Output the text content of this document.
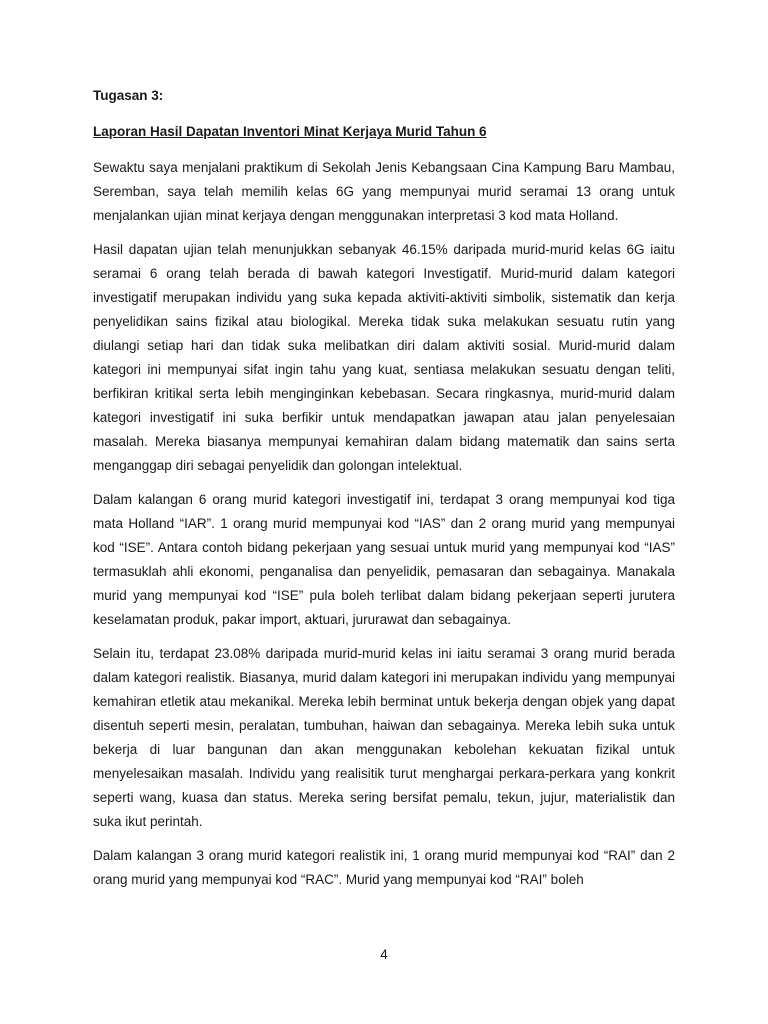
Tugasan 3:

Laporan Hasil Dapatan Inventori Minat Kerjaya Murid Tahun 6

Sewaktu saya menjalani praktikum di Sekolah Jenis Kebangsaan Cina Kampung Baru Mambau, Seremban, saya telah memilih kelas 6G yang mempunyai murid seramai 13 orang untuk menjalankan ujian minat kerjaya dengan menggunakan interpretasi 3 kod mata Holland.

Hasil dapatan ujian telah menunjukkan sebanyak 46.15% daripada murid-murid kelas 6G iaitu seramai 6 orang telah berada di bawah kategori Investigatif. Murid-murid dalam kategori investigatif merupakan individu yang suka kepada aktiviti-aktiviti simbolik, sistematik dan kerja penyelidikan sains fizikal atau biologikal. Mereka tidak suka melakukan sesuatu rutin yang diulangi setiap hari dan tidak suka melibatkan diri dalam aktiviti sosial. Murid-murid dalam kategori ini mempunyai sifat ingin tahu yang kuat, sentiasa melakukan sesuatu dengan teliti, berfikiran kritikal serta lebih menginginkan kebebasan. Secara ringkasnya, murid-murid dalam kategori investigatif ini suka berfikir untuk mendapatkan jawapan atau jalan penyelesaian masalah. Mereka biasanya mempunyai kemahiran dalam bidang matematik dan sains serta menganggap diri sebagai penyelidik dan golongan intelektual.

Dalam kalangan 6 orang murid kategori investigatif ini, terdapat 3 orang mempunyai kod tiga mata Holland “IAR”. 1 orang murid mempunyai kod “IAS” dan 2 orang murid yang mempunyai kod “ISE”. Antara contoh bidang pekerjaan yang sesuai untuk murid yang mempunyai kod “IAS” termasuklah ahli ekonomi, penganalisa dan penyelidik, pemasaran dan sebagainya. Manakala murid yang mempunyai kod “ISE” pula boleh terlibat dalam bidang pekerjaan seperti jurutera keselamatan produk, pakar import, aktuari, jururawat dan sebagainya.

Selain itu, terdapat 23.08% daripada murid-murid kelas ini iaitu seramai 3 orang murid berada dalam kategori realistik. Biasanya, murid dalam kategori ini merupakan individu yang mempunyai kemahiran etletik atau mekanikal. Mereka lebih berminat untuk bekerja dengan objek yang dapat disentuh seperti mesin, peralatan, tumbuhan, haiwan dan sebagainya. Mereka lebih suka untuk bekerja di luar bangunan dan akan menggunakan kebolehan kekuatan fizikal untuk menyelesaikan masalah. Individu yang realisitik turut menghargai perkara-perkara yang konkrit seperti wang, kuasa dan status. Mereka sering bersifat pemalu, tekun, jujur, materialistik dan suka ikut perintah.

Dalam kalangan 3 orang murid kategori realistik ini, 1 orang murid mempunyai kod “RAI” dan 2 orang murid yang mempunyai kod “RAC”. Murid yang mempunyai kod “RAI” boleh

4
